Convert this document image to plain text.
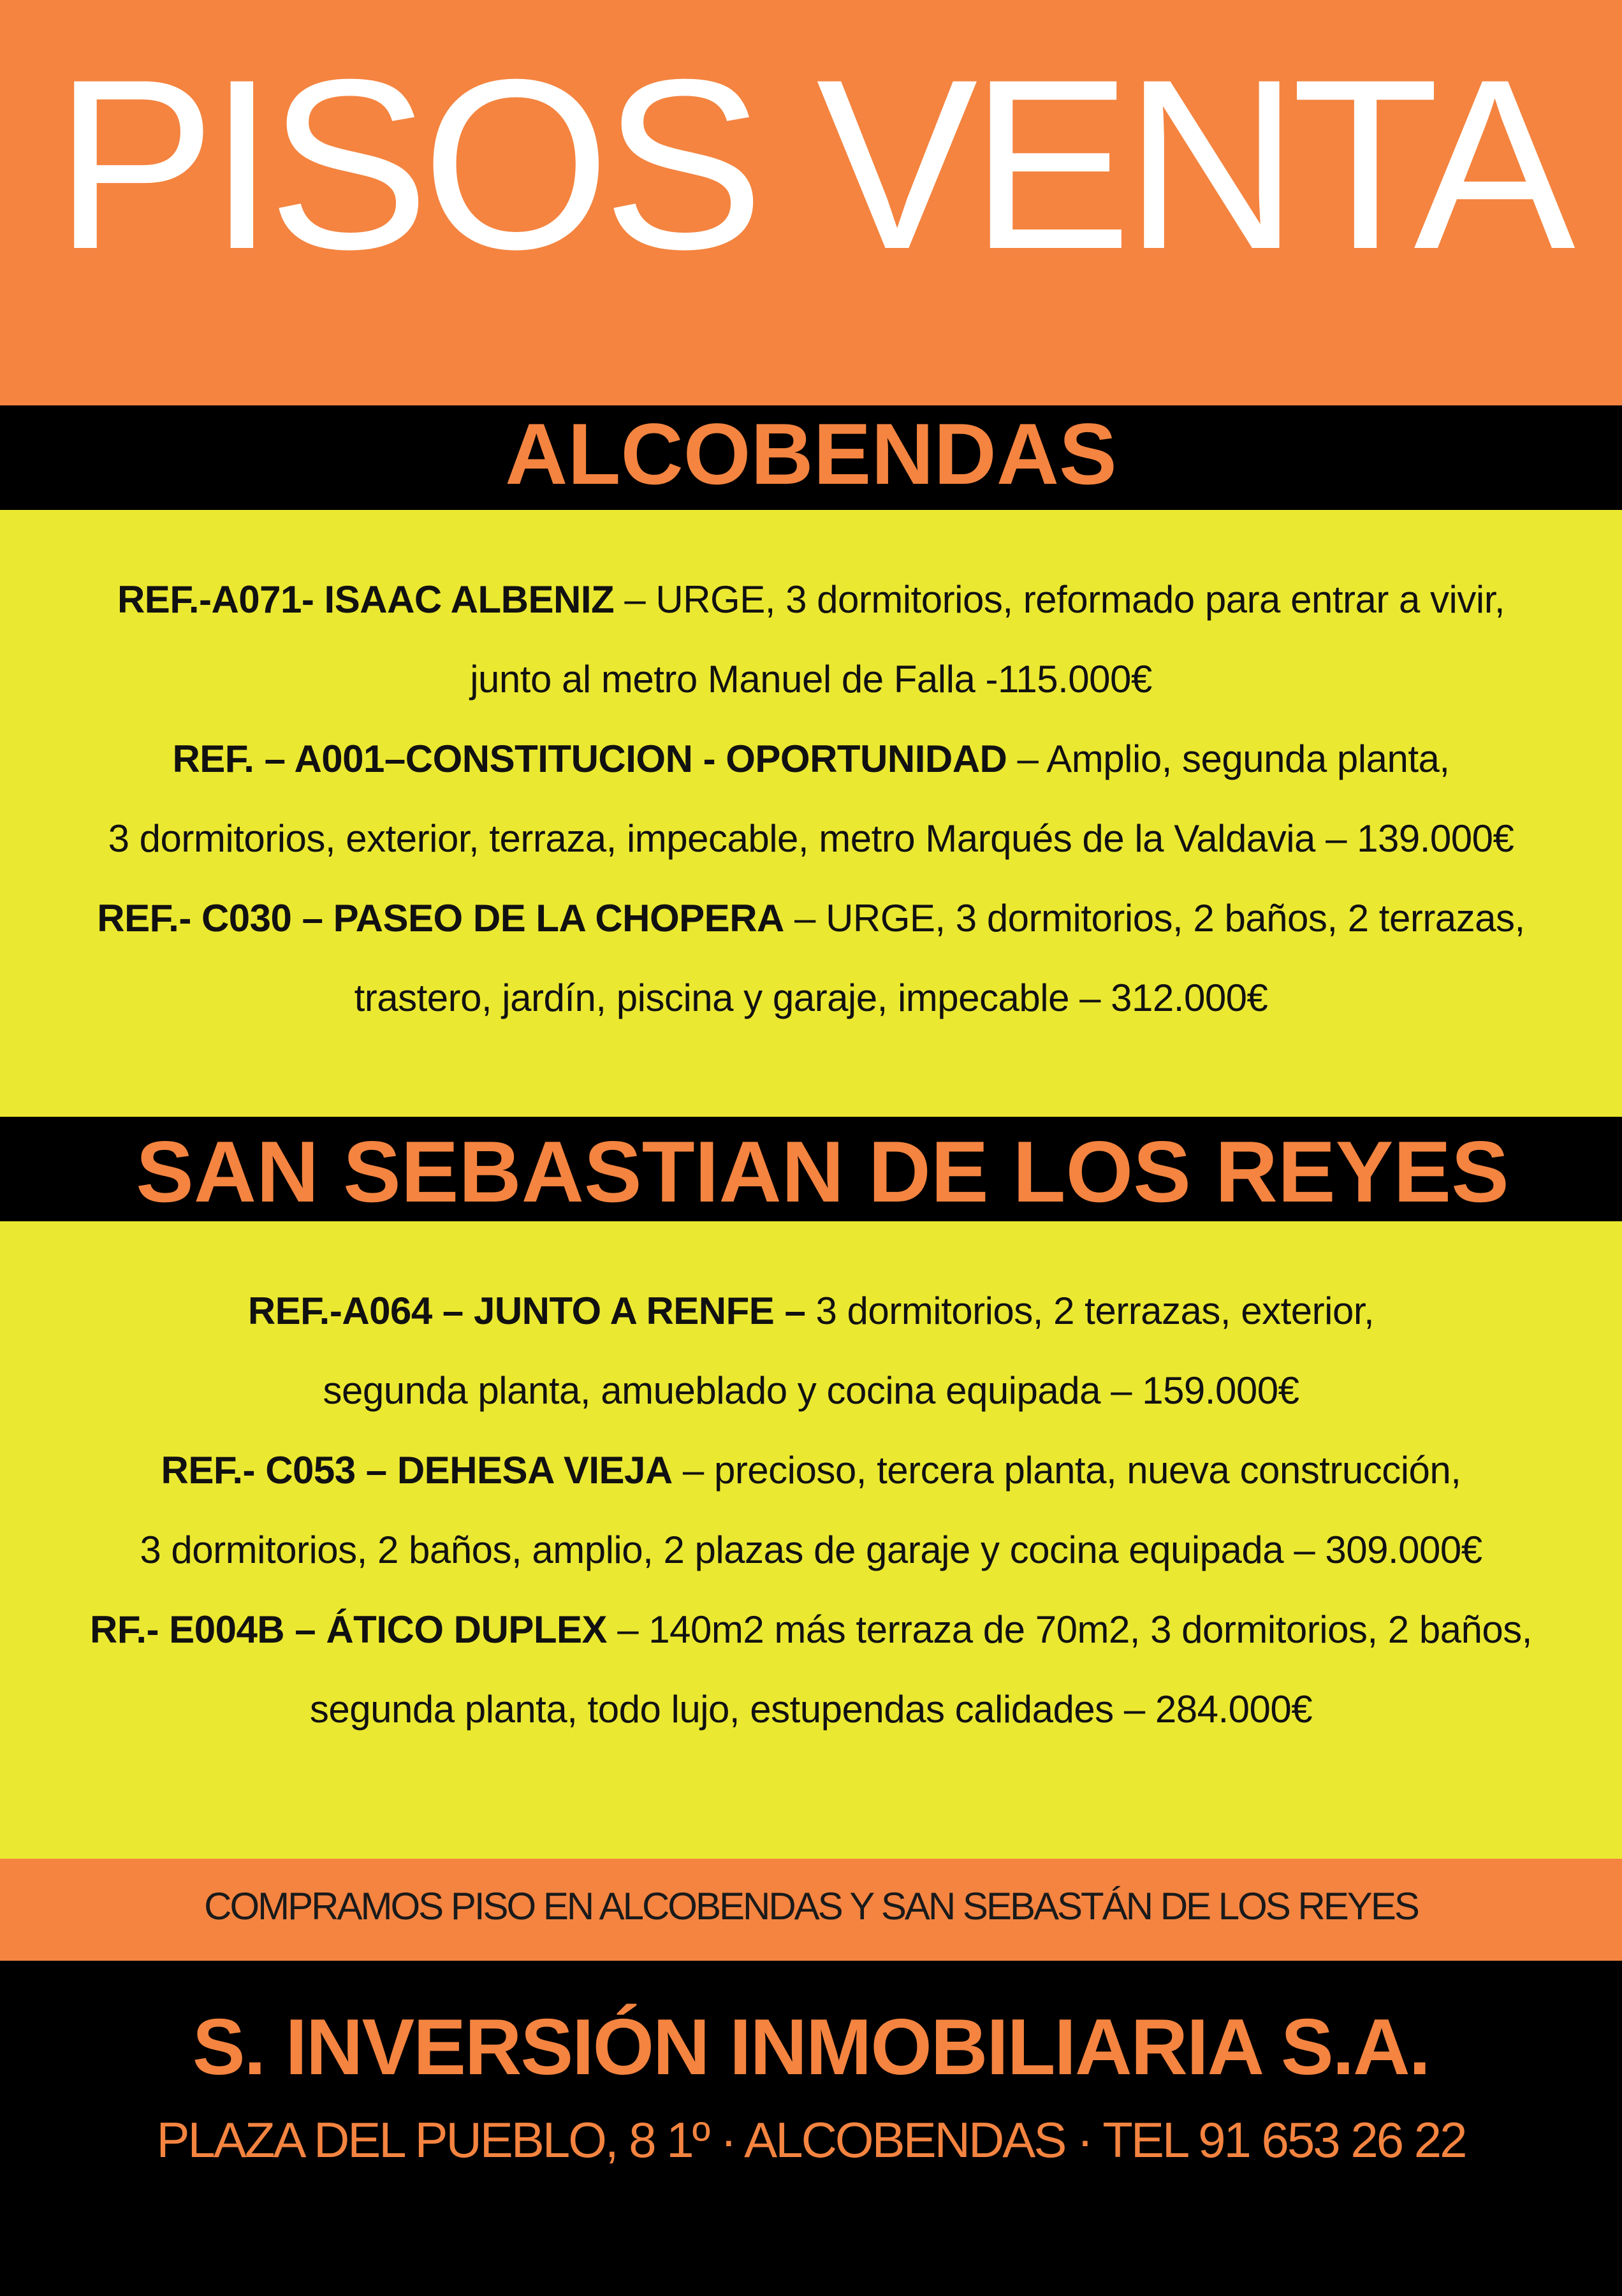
PISOS VENTA
ALCOBENDAS
REF.-A071- ISAAC ALBENIZ – URGE, 3 dormitorios, reformado para entrar a vivir,
junto al metro Manuel de Falla -115.000€
REF. – A001–CONSTITUCION - OPORTUNIDAD – Amplio, segunda planta,
3 dormitorios, exterior, terraza, impecable, metro Marqués de la Valdavia – 139.000€
REF.- C030 – PASEO DE LA CHOPERA – URGE, 3 dormitorios, 2 baños, 2 terrazas,
trastero, jardín, piscina y garaje, impecable – 312.000€
SAN SEBASTIAN DE LOS REYES
REF.-A064 – JUNTO A RENFE – 3 dormitorios, 2 terrazas, exterior,
segunda planta, amueblado y cocina equipada – 159.000€
REF.- C053 – DEHESA VIEJA – precioso, tercera planta, nueva construcción,
3 dormitorios, 2 baños, amplio, 2 plazas de garaje y cocina equipada – 309.000€
RF.- E004B – ÁTICO DUPLEX – 140m2 más terraza de 70m2, 3 dormitorios, 2 baños,
segunda planta, todo lujo, estupendas calidades – 284.000€

COMPRAMOS PISO EN ALCOBENDAS Y SAN SEBASTÁN DE LOS REYES

S. INVERSIÓN INMOBILIARIA S.A.

PLAZA DEL PUEBLO, 8 1º · ALCOBENDAS · TEL 91 653 26 22
